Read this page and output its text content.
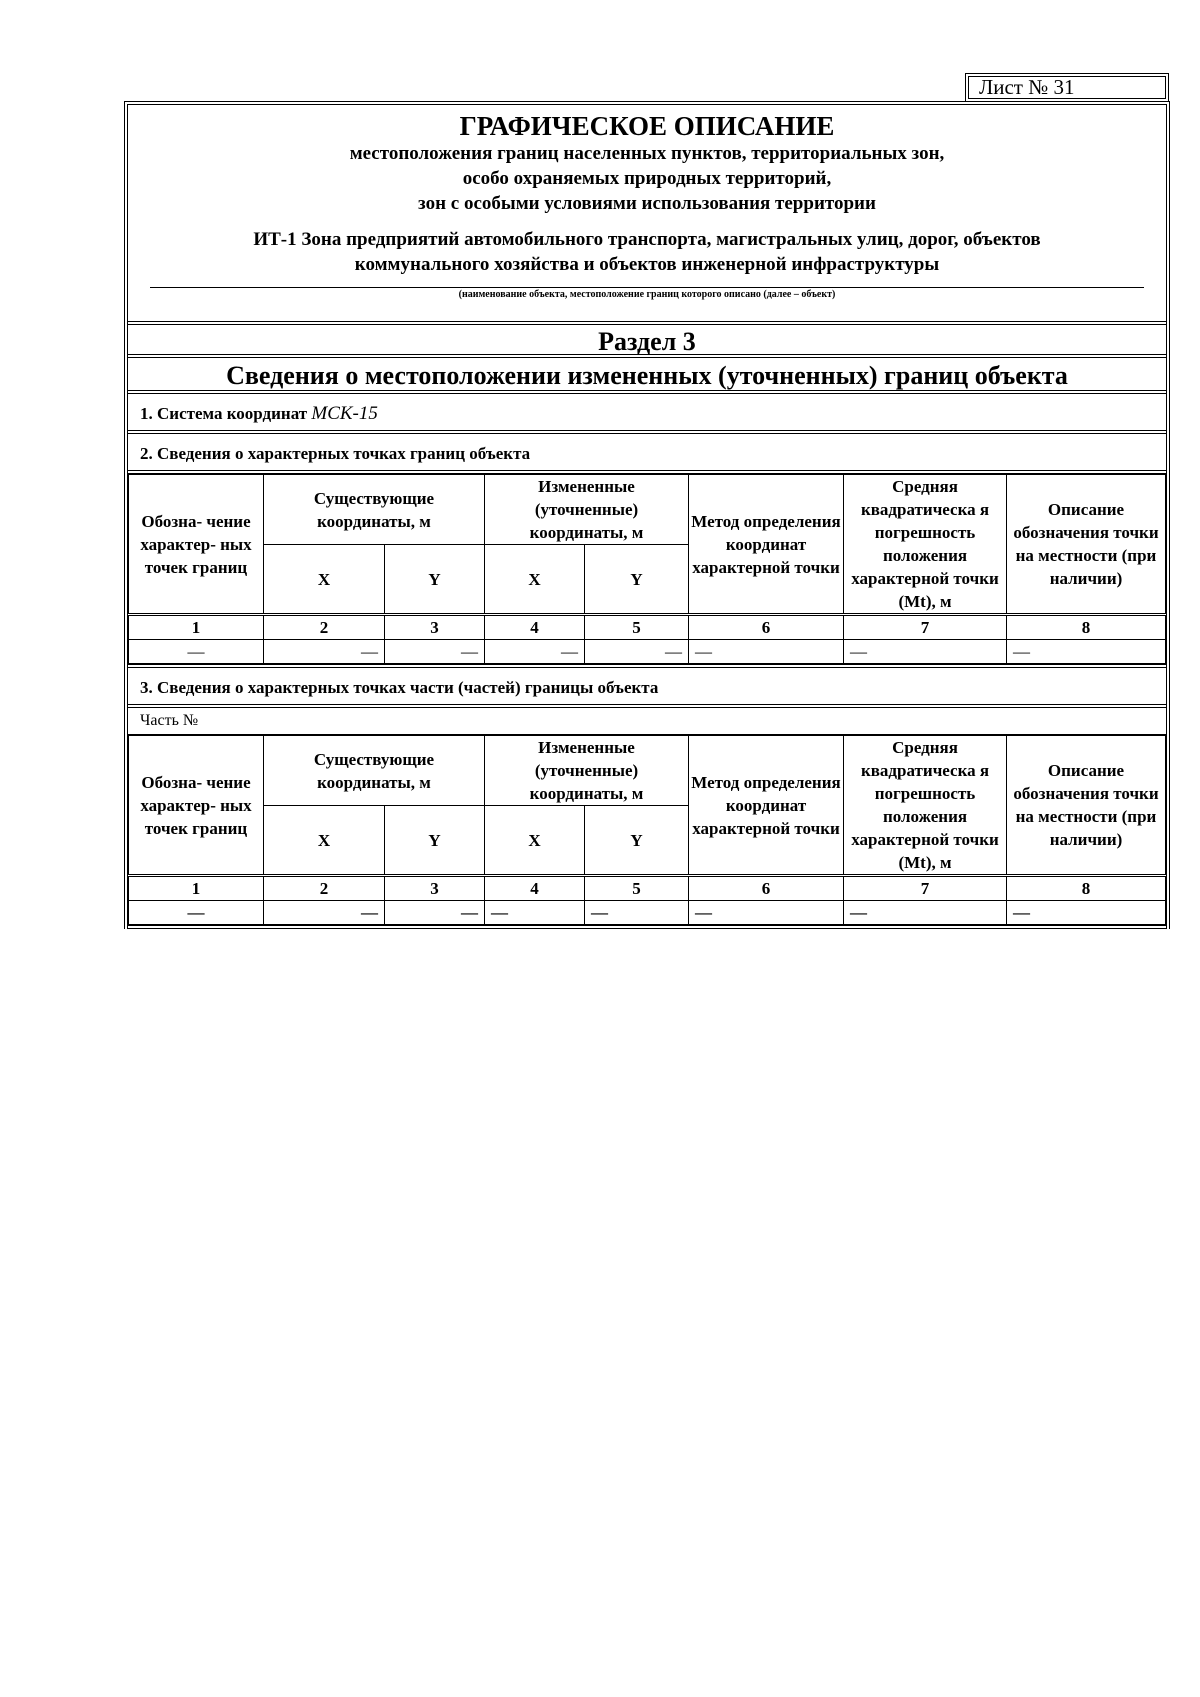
Лист № 31
ГРАФИЧЕСКОЕ ОПИСАНИЕ
местоположения границ населенных пунктов, территориальных зон,
особо охраняемых природных территорий,
зон с особыми условиями использования территории
ИТ-1 Зона предприятий автомобильного транспорта, магистральных улиц, дорог, объектов
коммунального хозяйства и объектов инженерной инфраструктуры
(наименование объекта, местоположение границ которого описано (далее – объект)
Раздел 3
Сведения о местоположении измененных (уточненных) границ объекта
1. Система координат МСК-15
2. Сведения о характерных точках границ объекта
Обозна- чение характер- ных точек границ	Существующие координаты, м		Измененные (уточненные) координаты, м		Метод определения координат характерной точки	Средняя квадратическа я погрешность положения характерной точки (Mt), м	Описание обозначения точки на местности (при наличии)
	X	Y	X	Y			
1	2	3	4	5	6	7	8
—	—	—	—	—	—	—	—
3. Сведения о характерных точках части (частей) границы объекта
Часть №
Обозна- чение характер- ных точек границ	Существующие координаты, м		Измененные (уточненные) координаты, м		Метод определения координат характерной точки	Средняя квадратическа я погрешность положения характерной точки (Mt), м	Описание обозначения точки на местности (при наличии)
	X	Y	X	Y			
1	2	3	4	5	6	7	8
—	—	—	—	—	—	—	—
